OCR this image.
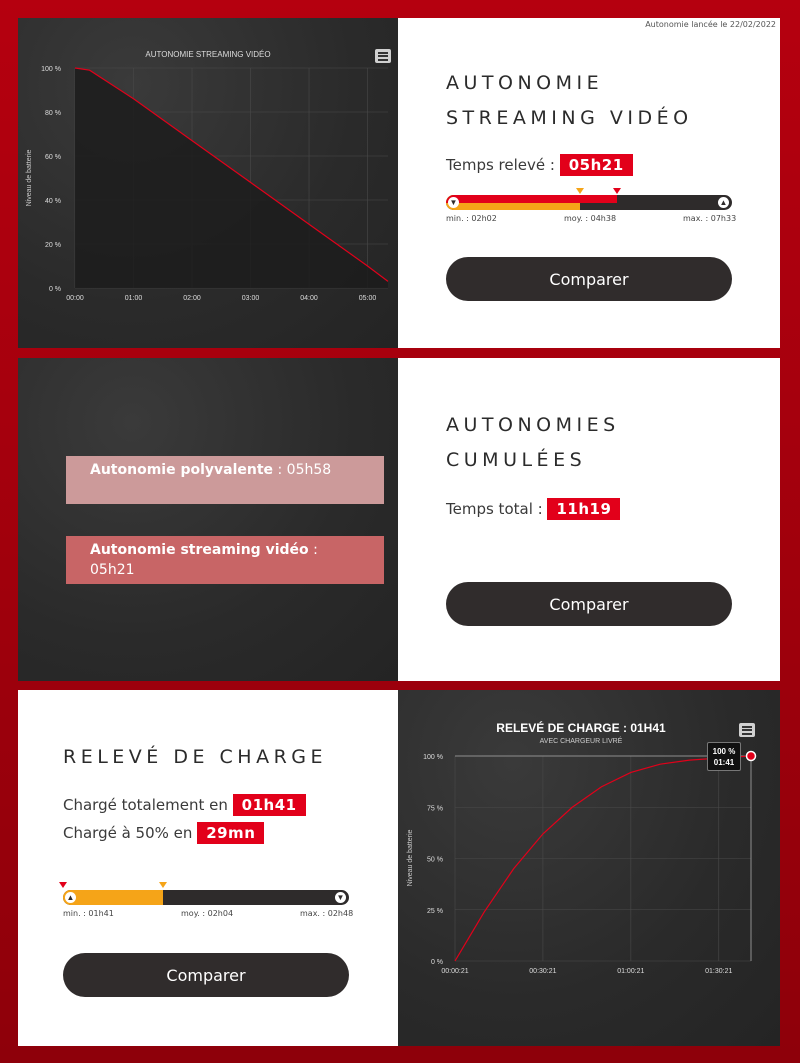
AUTONOMIE STREAMING VIDÉO
0 %
20 %
40 %
60 %
80 %
100 %
00:00	01:00	02:00	03:00	04:00	05:00
Niveau de batterie
Autonomie lancée le 22/02/2022
AUTONOMIE
STREAMING VIDÉO
Temps relevé : 05h21
▼	▲
min. : 02h02	moy. : 04h38	max. : 07h33
Comparer
Autonomie polyvalente : 05h58
Autonomie streaming vidéo : 05h21
AUTONOMIES
CUMULÉES
Temps total : 11h19
Comparer
RELEVÉ DE CHARGE
Chargé totalement en 01h41
Chargé à 50% en 29mn
▲	▼
min. : 01h41	moy. : 02h04	max. : 02h48
Comparer
RELEVÉ DE CHARGE : 01H41
AVEC CHARGEUR LIVRÉ
0 %
25 %
50 %
75 %
100 %
00:00:21	00:30:21	01:00:21	01:30:21
Niveau de batterie
100 %
01:41
